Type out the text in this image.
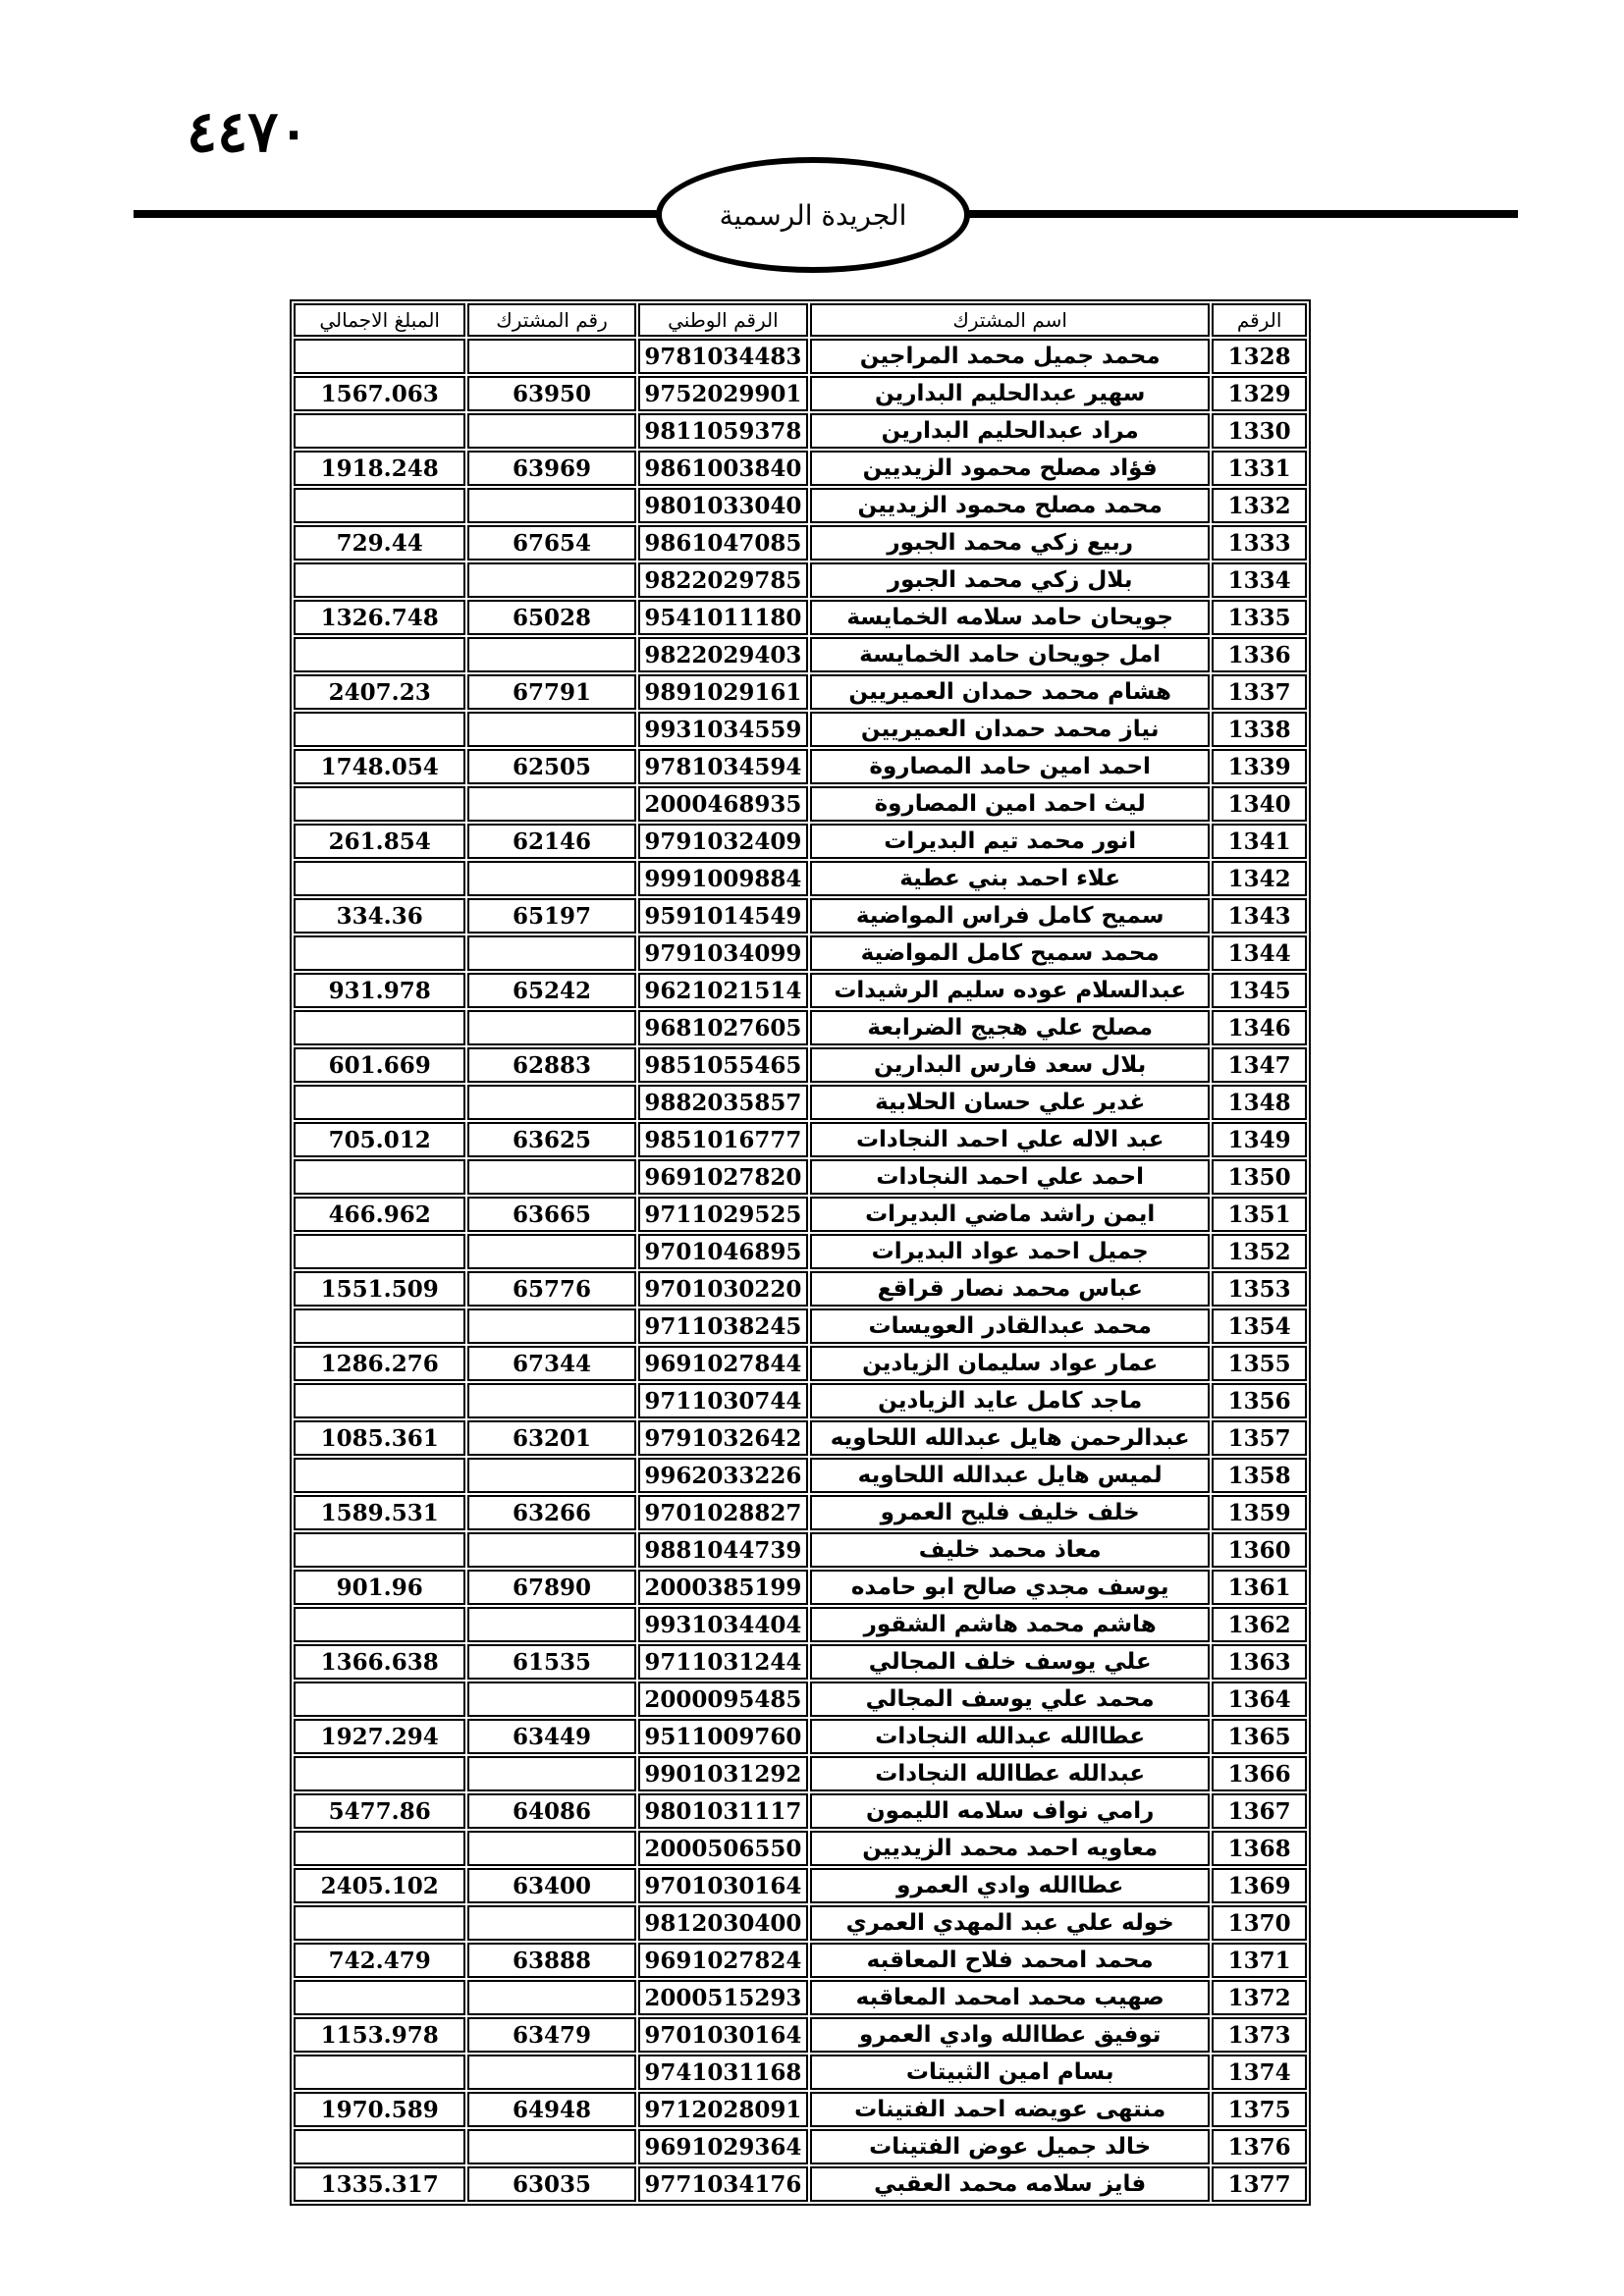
٤٤٧٠
الجريدة الرسمية
الرقم	اسم المشترك	الرقم الوطني	رقم المشترك	المبلغ الاجمالي
1328	محمد جميل محمد المراجين	9781034483		
1329	سهير عبدالحليم البدارين	9752029901	63950	1567.063
1330	مراد عبدالحليم البدارين	9811059378		
1331	فؤاد مصلح محمود الزيديين	9861003840	63969	1918.248
1332	محمد مصلح محمود الزيديين	9801033040		
1333	ربيع زكي محمد الجبور	9861047085	67654	729.44
1334	بلال زكي محمد الجبور	9822029785		
1335	جويحان حامد سلامه الخمايسة	9541011180	65028	1326.748
1336	امل جويحان حامد الخمايسة	9822029403		
1337	هشام محمد حمدان العميريين	9891029161	67791	2407.23
1338	نياز محمد حمدان العميريين	9931034559		
1339	احمد امين حامد المصاروة	9781034594	62505	1748.054
1340	ليث احمد امين المصاروة	2000468935		
1341	انور محمد تيم البديرات	9791032409	62146	261.854
1342	علاء احمد بني عطية	9991009884		
1343	سميح كامل فراس المواضية	9591014549	65197	334.36
1344	محمد سميح كامل المواضية	9791034099		
1345	عبدالسلام عوده سليم الرشيدات	9621021514	65242	931.978
1346	مصلح علي هجيج الضرابعة	9681027605		
1347	بلال سعد فارس البدارين	9851055465	62883	601.669
1348	غدير علي حسان الحلابية	9882035857		
1349	عبد الاله علي احمد النجادات	9851016777	63625	705.012
1350	احمد علي احمد النجادات	9691027820		
1351	ايمن راشد ماضي البديرات	9711029525	63665	466.962
1352	جميل احمد عواد البديرات	9701046895		
1353	عباس محمد نصار قراقع	9701030220	65776	1551.509
1354	محمد عبدالقادر العويسات	9711038245		
1355	عمار عواد سليمان الزيادين	9691027844	67344	1286.276
1356	ماجد كامل عايد الزيادين	9711030744		
1357	عبدالرحمن هايل عبدالله اللحاويه	9791032642	63201	1085.361
1358	لميس هايل عبدالله اللحاويه	9962033226		
1359	خلف خليف فليح العمرو	9701028827	63266	1589.531
1360	معاذ محمد خليف	9881044739		
1361	يوسف مجدي صالح ابو حامده	2000385199	67890	901.96
1362	هاشم محمد هاشم الشقور	9931034404		
1363	علي يوسف خلف المجالي	9711031244	61535	1366.638
1364	محمد علي يوسف المجالي	2000095485		
1365	عطاالله عبدالله النجادات	9511009760	63449	1927.294
1366	عبدالله عطاالله النجادات	9901031292		
1367	رامي نواف سلامه الليمون	9801031117	64086	5477.86
1368	معاويه احمد محمد الزيديين	2000506550		
1369	عطاالله وادي العمرو	9701030164	63400	2405.102
1370	خوله علي عبد المهدي العمري	9812030400		
1371	محمد امحمد فلاح المعاقبه	9691027824	63888	742.479
1372	صهيب محمد امحمد المعاقبه	2000515293		
1373	توفيق عطاالله وادي العمرو	9701030164	63479	1153.978
1374	بسام امين الثبيتات	9741031168		
1375	منتهى عويضه احمد الفتينات	9712028091	64948	1970.589
1376	خالد جميل عوض الفتينات	9691029364		
1377	فايز سلامه محمد العقبي	9771034176	63035	1335.317
